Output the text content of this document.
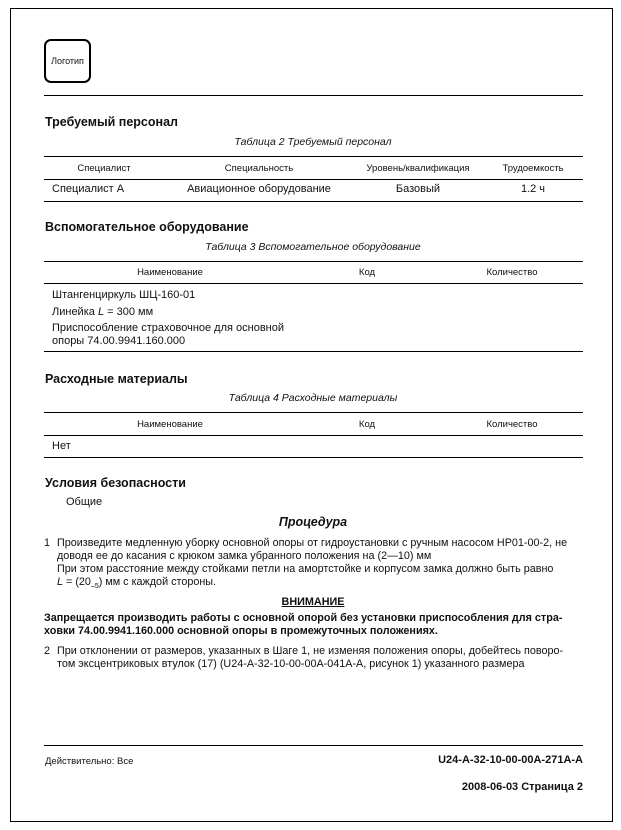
Логотип
Требуемый персонал
Таблица 2 Требуемый персонал
Специалист	Специальность	Уровень/квалификация	Трудоемкость
Специалист А	Авиационное оборудование	Базовый	1.2 ч
Вспомогательное оборудование
Таблица 3 Вспомогательное оборудование
Наименование	Код	Количество
Штангенциркуль ШЦ-160-01
Линейка L = 300 мм
Приспособление страховочное для основной
опоры 74.00.9941.160.000
Расходные материалы
Таблица 4 Расходные материалы
Наименование	Код	Количество
Нет
Условия безопасности
Общие
Процедура
1 Произведите медленную уборку основной опоры от гидроустановки с ручным насосом НР01-00-2, не
доводя ее до касания с крюком замка убранного положения на (2—10) мм
При этом расстояние между стойками петли на амортстойке и корпусом замка должно быть равно
$L = (20_{-5})$ мм с каждой стороны.
ВНИМАНИЕ
Запрещается производить работы с основной опорой без установки приспособления для стра-
ховки 74.00.9941.160.000 основной опоры в промежуточных положениях.
2 При отклонении от размеров, указанных в Шаге 1, не изменяя положения опоры, добейтесь поворо-
том эксцентриковых втулок (17) (U24-A-32-10-00-00A-041A-A, рисунок 1) указанного размера
Действительно: Все	U24-A-32-10-00-00A-271A-A
2008-06-03 Страница 2
